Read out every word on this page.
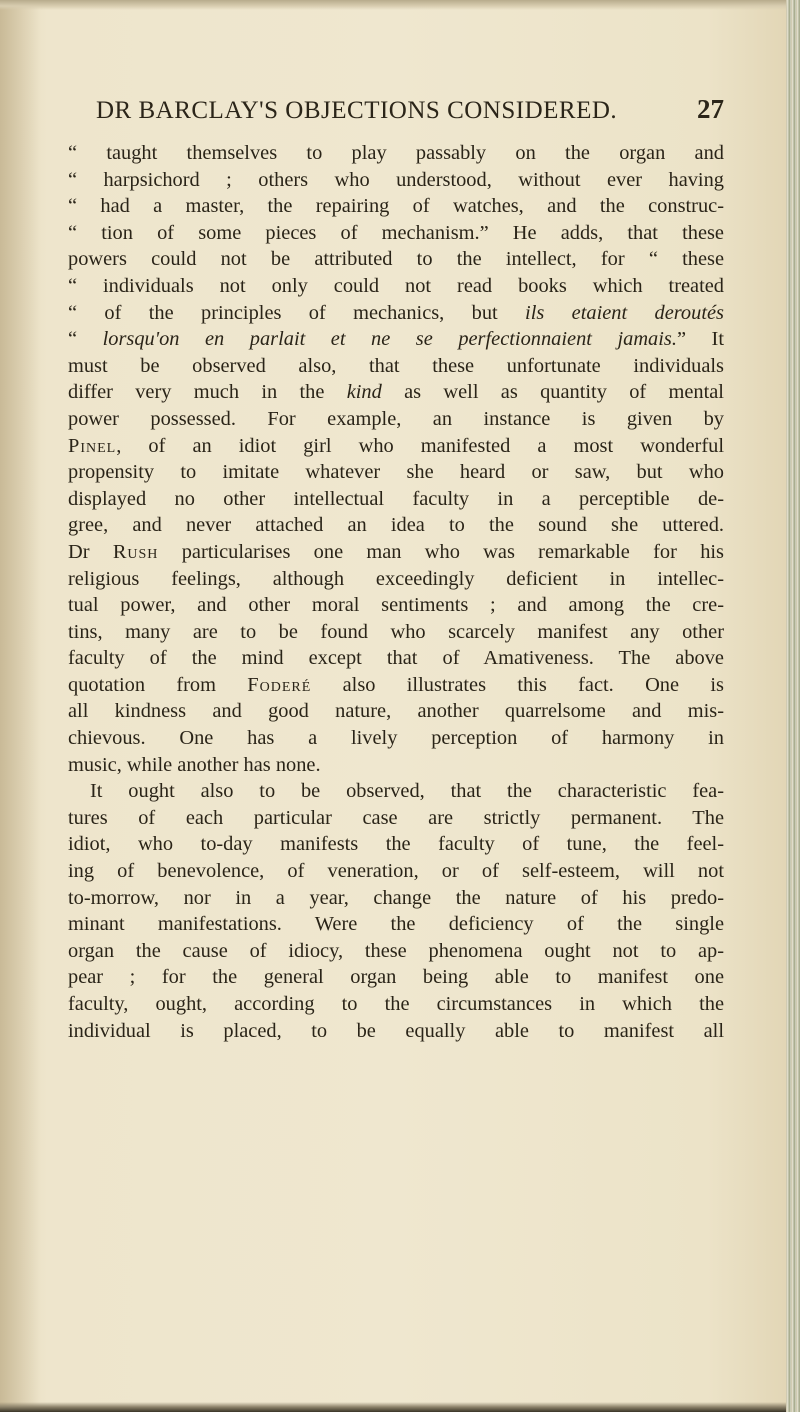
DR BARCLAY'S OBJECTIONS CONSIDERED.	27
“ taught themselves to play passably on the organ and
“ harpsichord ; others who understood, without ever having
“ had a master, the repairing of watches, and the construc-
“ tion of some pieces of mechanism.” He adds, that these
powers could not be attributed to the intellect, for “ these
“ individuals not only could not read books which treated
“ of the principles of mechanics, but ils etaient deroutés
“ lorsqu'on en parlait et ne se perfectionnaient jamais.” It
must be observed also, that these unfortunate individuals
differ very much in the kind as well as quantity of mental
power possessed. For example, an instance is given by
Pinel, of an idiot girl who manifested a most wonderful
propensity to imitate whatever she heard or saw, but who
displayed no other intellectual faculty in a perceptible de-
gree, and never attached an idea to the sound she uttered.
Dr Rush particularises one man who was remarkable for his
religious feelings, although exceedingly deficient in intellec-
tual power, and other moral sentiments ; and among the cre-
tins, many are to be found who scarcely manifest any other
faculty of the mind except that of Amativeness. The above
quotation from Foderé also illustrates this fact. One is
all kindness and good nature, another quarrelsome and mis-
chievous. One has a lively perception of harmony in
music, while another has none.
It ought also to be observed, that the characteristic fea-
tures of each particular case are strictly permanent. The
idiot, who to-day manifests the faculty of tune, the feel-
ing of benevolence, of veneration, or of self-esteem, will not
to-morrow, nor in a year, change the nature of his predo-
minant manifestations. Were the deficiency of the single
organ the cause of idiocy, these phenomena ought not to ap-
pear ; for the general organ being able to manifest one
faculty, ought, according to the circumstances in which the
individual is placed, to be equally able to manifest all
